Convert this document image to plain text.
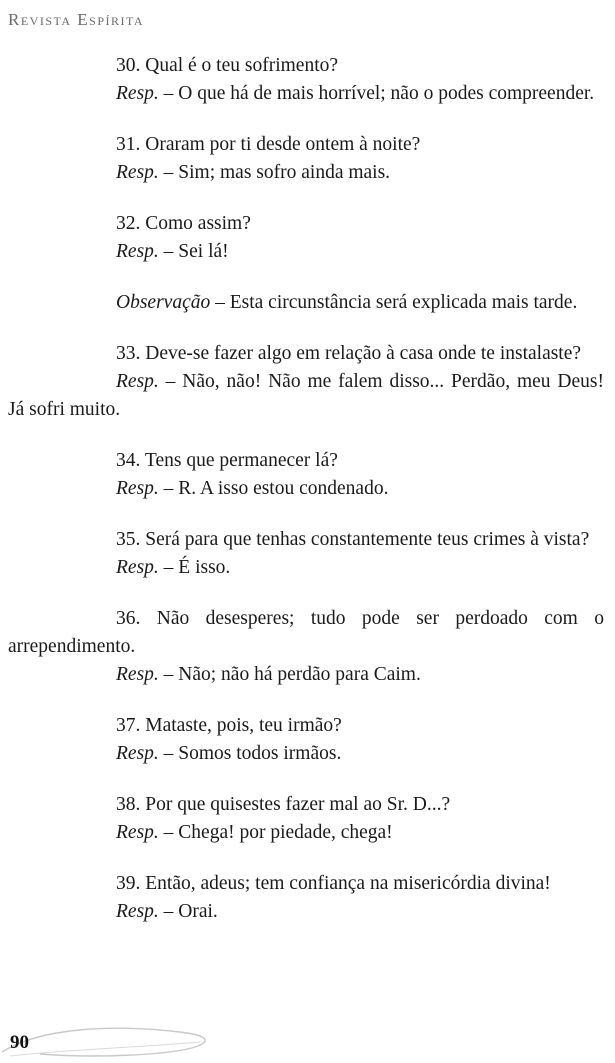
Revista Espírita

30. Qual é o teu sofrimento?

Resp. – O que há de mais horrível; não o podes compreender.

31. Oraram por ti desde ontem à noite?

Resp. – Sim; mas sofro ainda mais.

32. Como assim?

Resp. – Sei lá!

Observação – Esta circunstância será explicada mais tarde.

33. Deve-se fazer algo em relação à casa onde te instalaste?

Resp. – Não, não! Não me falem disso... Perdão, meu Deus! Já sofri muito.

34. Tens que permanecer lá?

Resp. – R. A isso estou condenado.

35. Será para que tenhas constantemente teus crimes à vista?

Resp. – É isso.

36. Não desesperes; tudo pode ser perdoado com o arrependimento.

Resp. – Não; não há perdão para Caim.

37. Mataste, pois, teu irmão?

Resp. – Somos todos irmãos.

38. Por que quisestes fazer mal ao Sr. D...?

Resp. – Chega! por piedade, chega!

39. Então, adeus; tem confiança na misericórdia divina!

Resp. – Orai.

90
